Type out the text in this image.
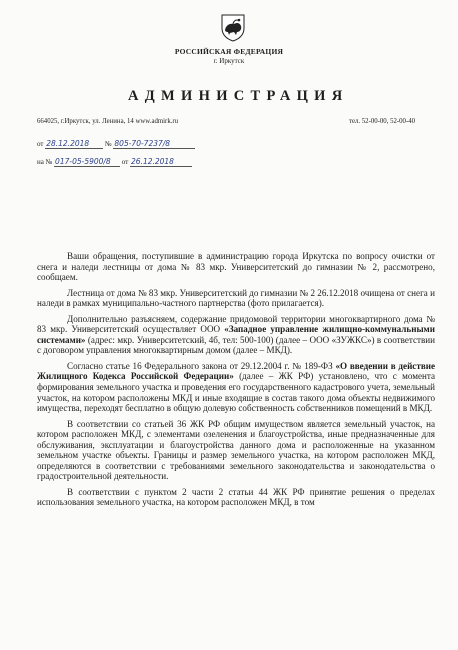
РОССИЙСКАЯ ФЕДЕРАЦИЯ
г. Иркутск
АДМИНИСТРАЦИЯ
664025, г.Иркутск, ул. Ленина, 14 www.admirk.ru	тел. 52-00-00, 52-00-40
от 28.12.2018 № 805-70-7237/8
на № 017-05-5900/8 от 26.12.2018

Ваши обращения, поступившие в администрацию города Иркутска по вопросу очистки от снега и наледи лестницы от дома № 83 мкр. Университетский до гимназии № 2, рассмотрено, сообщаем.

Лестница от дома № 83 мкр. Университетский до гимназии № 2 26.12.2018 очищена от снега и наледи в рамках муниципально-частного партнерства (фото прилагается).

Дополнительно разъясняем, содержание придомовой территории многоквартирного дома № 83 мкр. Университетский осуществляет ООО «Западное управление жилищно-коммунальными системами» (адрес: мкр. Университетский, 4б, тел: 500-100) (далее – ООО «ЗУЖКС») в соответствии с договором управления многоквартирным домом (далее – МКД).

Согласно статье 16 Федерального закона от 29.12.2004 г. № 189-ФЗ «О введении в действие Жилищного Кодекса Российской Федерации» (далее – ЖК РФ) установлено, что с момента формирования земельного участка и проведения его государственного кадастрового учета, земельный участок, на котором расположены МКД и иные входящие в состав такого дома объекты недвижимого имущества, переходят бесплатно в общую долевую собственность собственников помещений в МКД.

В соответствии со статьей 36 ЖК РФ общим имуществом является земельный участок, на котором расположен МКД, с элементами озеленения и благоустройства, иные предназначенные для обслуживания, эксплуатации и благоустройства данного дома и расположенные на указанном земельном участке объекты. Границы и размер земельного участка, на котором расположен МКД, определяются в соответствии с требованиями земельного законодательства и законодательства о градостроительной деятельности.

В соответствии с пунктом 2 части 2 статьи 44 ЖК РФ принятие решения о пределах использования земельного участка, на котором расположен МКД, в том
